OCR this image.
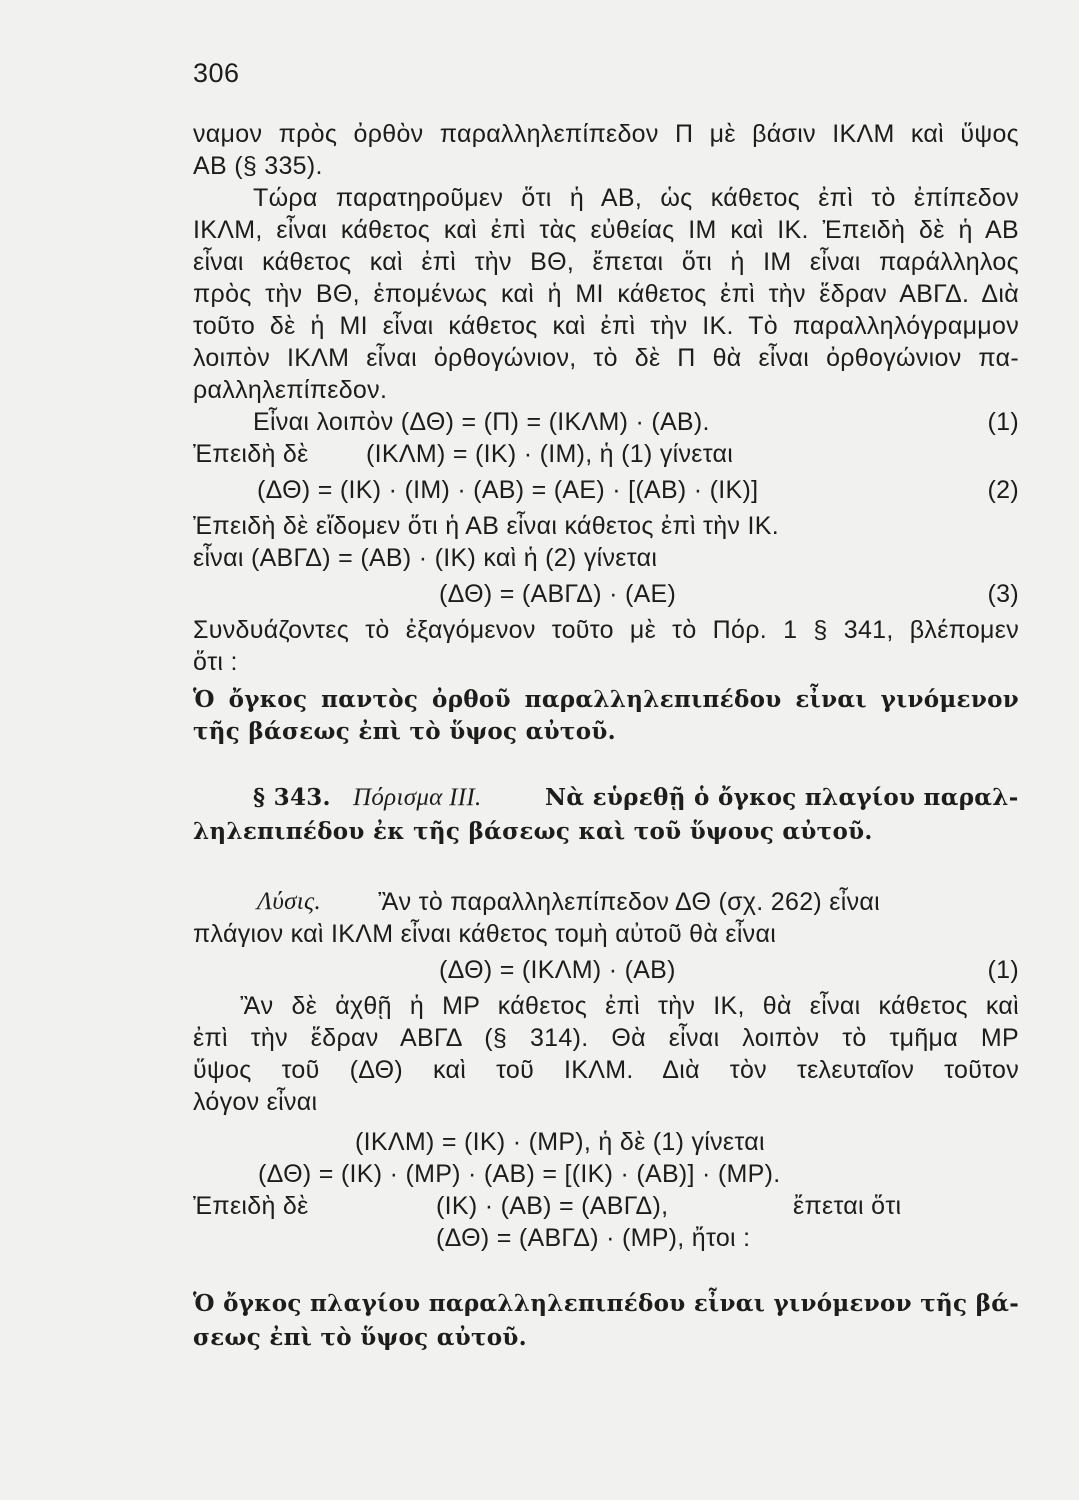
306
ναμον πρὸς ὀρθὸν παραλληλεπίπεδον Π μὲ βάσιν ΙΚΛΜ καὶ ὕψος
ΑΒ (§ 335).
Τώρα παρατηροῦμεν ὅτι ἡ ΑΒ, ὡς κάθετος ἐπὶ τὸ ἐπίπεδον
ΙΚΛΜ, εἶναι κάθετος καὶ ἐπὶ τὰς εὐθείας ΙΜ καὶ ΙΚ. Ἐπειδὴ δὲ ἡ ΑΒ
εἶναι κάθετος καὶ ἐπὶ τὴν ΒΘ, ἔπεται ὅτι ἡ ΙΜ εἶναι παράλληλος
πρὸς τὴν ΒΘ, ἑπομένως καὶ ἡ ΜΙ κάθετος ἐπὶ τὴν ἕδραν ΑΒΓΔ. Διὰ
τοῦτο δὲ ἡ ΜΙ εἶναι κάθετος καὶ ἐπὶ τὴν ΙΚ. Τὸ παραλληλόγραμμον
λοιπὸν ΙΚΛΜ εἶναι ὀρθογώνιον, τὸ δὲ Π θὰ εἶναι ὀρθογώνιον πα-
ραλληλεπίπεδον.
Εἶναι λοιπὸν (ΔΘ) = (Π) = (ΙΚΛΜ) · (ΑΒ).	(1)
Ἐπειδὴ δὲ (ΙΚΛΜ) = (ΙΚ) · (ΙΜ), ἡ (1) γίνεται
(ΔΘ) = (ΙΚ) · (ΙΜ) · (ΑΒ) = (ΑΕ) · [(ΑΒ) · (ΙΚ)]	(2)
Ἐπειδὴ δὲ εἴδομεν ὅτι ἡ ΑΒ εἶναι κάθετος ἐπὶ τὴν ΙΚ.
εἶναι (ΑΒΓΔ) = (ΑΒ) · (ΙΚ) καὶ ἡ (2) γίνεται
(ΔΘ) = (ΑΒΓΔ) · (ΑΕ)	(3)
Συνδυάζοντες τὸ ἐξαγόμενον τοῦτο μὲ τὸ Πόρ. 1 § 341, βλέπομεν
ὅτι :
Ὁ ὄγκος παντὸς ὀρθοῦ παραλληλεπιπέδου εἶναι γινόμενον
τῆς βάσεως ἐπὶ τὸ ὕψος αὐτοῦ.
§ 343. Πόρισμα ΙΙΙ.	Νὰ εὑρεθῇ ὁ ὄγκος πλαγίου παραλ-
ληλεπιπέδου ἐκ τῆς βάσεως καὶ τοῦ ὕψους αὐτοῦ.
Λύσις. Ἂν τὸ παραλληλεπίπεδον ΔΘ (σχ. 262) εἶναι
πλάγιον καὶ ΙΚΛΜ εἶναι κάθετος τομὴ αὐτοῦ θὰ εἶναι
(ΔΘ) = (ΙΚΛΜ) · (ΑΒ)	(1)
Ἂν δὲ ἀχθῇ ἡ ΜΡ κάθετος ἐπὶ τὴν ΙΚ, θὰ εἶναι κάθετος καὶ
ἐπὶ τὴν ἕδραν ΑΒΓΔ (§ 314). Θὰ εἶναι λοιπὸν τὸ τμῆμα ΜΡ
ὕψος τοῦ (ΔΘ) καὶ τοῦ ΙΚΛΜ. Διὰ τὸν τελευταῖον τοῦτον
λόγον εἶναι
(ΙΚΛΜ) = (ΙΚ) · (ΜΡ), ἡ δὲ (1) γίνεται
(ΔΘ) = (ΙΚ) · (ΜΡ) · (ΑΒ) = [(ΙΚ) · (ΑΒ)] · (ΜΡ).
Ἐπειδὴ δὲ	(ΙΚ) · (ΑΒ) = (ΑΒΓΔ),	ἔπεται ὅτι
(ΔΘ) = (ΑΒΓΔ) · (ΜΡ), ἤτοι :
Ὁ ὄγκος πλαγίου παραλληλεπιπέδου εἶναι γινόμενον τῆς βά-
σεως ἐπὶ τὸ ὕψος αὐτοῦ.
